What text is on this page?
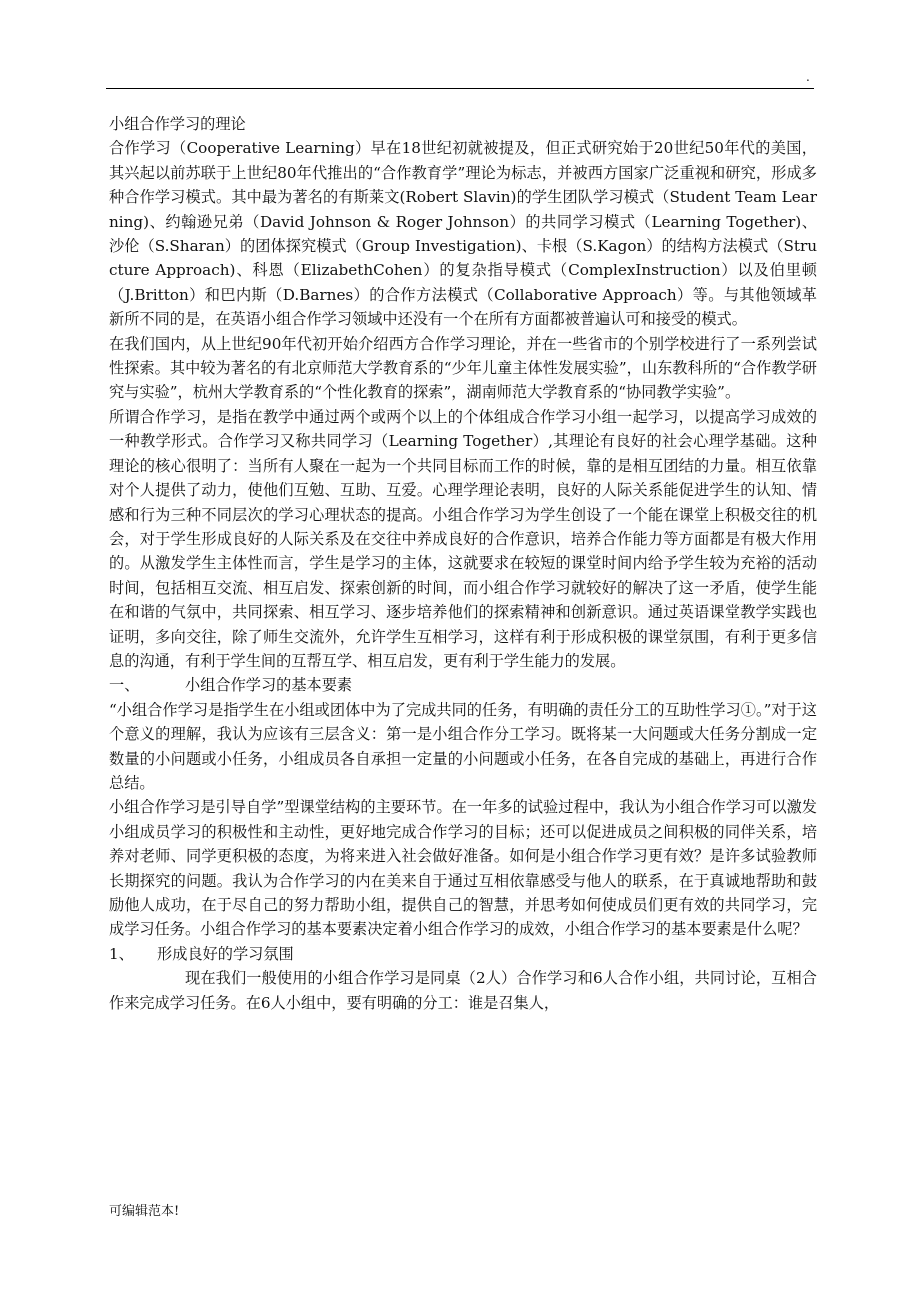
.

小组合作学习的理论

合作学习（Cooperative Learning）早在18世纪初就被提及，但正式研究始于20世纪50年代的美国，其兴起以前苏联于上世纪80年代推出的“合作教育学”理论为标志，并被西方国家广泛重视和研究，形成多种合作学习模式。其中最为著名的有斯莱文(Robert Slavin)的学生团队学习模式（Student Team Learning)、约翰逊兄弟（David Johnson & Roger Johnson）的共同学习模式（Learning Together)、沙伦（S.Sharan）的团体探究模式（Group Investigation)、卡根（S.Kagon）的结构方法模式（Structure Approach)、科恩（ElizabethCohen）的复杂指导模式（ComplexInstruction）以及伯里顿（J.Britton）和巴内斯（D.Barnes）的合作方法模式（Collaborative Approach）等。与其他领域革新所不同的是，在英语小组合作学习领域中还没有一个在所有方面都被普遍认可和接受的模式。

在我们国内，从上世纪90年代初开始介绍西方合作学习理论，并在一些省市的个别学校进行了一系列尝试性探索。其中较为著名的有北京师范大学教育系的“少年儿童主体性发展实验”，山东教科所的“合作教学研究与实验”，杭州大学教育系的“个性化教育的探索”，湖南师范大学教育系的“协同教学实验”。

所谓合作学习，是指在教学中通过两个或两个以上的个体组成合作学习小组一起学习，以提高学习成效的一种教学形式。合作学习又称共同学习（Learning Together）,其理论有良好的社会心理学基础。这种理论的核心很明了：当所有人聚在一起为一个共同目标而工作的时候，靠的是相互团结的力量。相互依靠对个人提供了动力，使他们互勉、互助、互爱。心理学理论表明，良好的人际关系能促进学生的认知、情感和行为三种不同层次的学习心理状态的提高。小组合作学习为学生创设了一个能在课堂上积极交往的机会，对于学生形成良好的人际关系及在交往中养成良好的合作意识，培养合作能力等方面都是有极大作用的。从激发学生主体性而言，学生是学习的主体，这就要求在较短的课堂时间内给予学生较为充裕的活动时间，包括相互交流、相互启发、探索创新的时间，而小组合作学习就较好的解决了这一矛盾，使学生能在和谐的气氛中，共同探索、相互学习、逐步培养他们的探索精神和创新意识。通过英语课堂教学实践也证明，多向交往，除了师生交流外，允许学生互相学习，这样有利于形成积极的课堂氛围，有利于更多信息的沟通，有利于学生间的互帮互学、相互启发，更有利于学生能力的发展。

一、	小组合作学习的基本要素

“小组合作学习是指学生在小组或团体中为了完成共同的任务，有明确的责任分工的互助性学习①。”对于这个意义的理解，我认为应该有三层含义：第一是小组合作分工学习。既将某一大问题或大任务分割成一定数量的小问题或小任务，小组成员各自承担一定量的小问题或小任务，在各自完成的基础上，再进行合作总结。

小组合作学习是引导自学”型课堂结构的主要环节。在一年多的试验过程中，我认为小组合作学习可以激发小组成员学习的积极性和主动性，更好地完成合作学习的目标；还可以促进成员之间积极的同伴关系，培养对老师、同学更积极的态度，为将来进入社会做好准备。如何是小组合作学习更有效？是许多试验教师长期探究的问题。我认为合作学习的内在美来自于通过互相依靠感受与他人的联系，在于真诚地帮助和鼓励他人成功，在于尽自己的努力帮助小组，提供自己的智慧，并思考如何使成员们更有效的共同学习，完成学习任务。小组合作学习的基本要素决定着小组合作学习的成效，小组合作学习的基本要素是什么呢？

1、 形成良好的学习氛围

现在我们一般使用的小组合作学习是同桌（2人）合作学习和6人合作小组，共同讨论，互相合作来完成学习任务。在6人小组中，要有明确的分工：谁是召集人，

可编辑范本!
